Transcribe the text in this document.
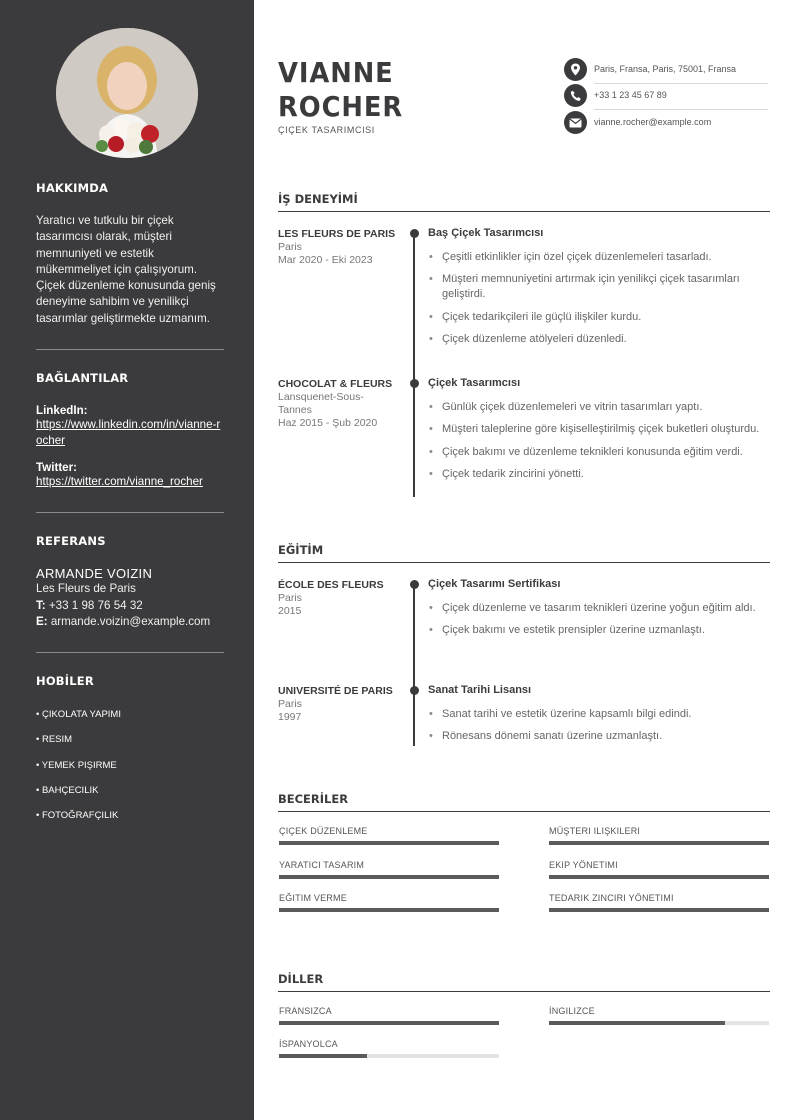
HAKKIMDA
Yaratıcı ve tutkulu bir çiçek tasarımcısı olarak, müşteri memnuniyeti ve estetik mükemmeliyet için çalışıyorum. Çiçek düzenleme konusunda geniş deneyime sahibim ve yenilikçi tasarımlar geliştirmekte uzmanım.
BAĞLANTILAR
LinkedIn:
https://www.linkedin.com/in/vianne-rocher
Twitter:
https://twitter.com/vianne_rocher
REFERANS
ARMANDE VOIZIN
Les Fleurs de Paris
T: +33 1 98 76 54 32
E: armande.voizin@example.com
HOBİLER
• ÇIKOLATA YAPIMI
• RESIM
• YEMEK PIŞIRME
• BAHÇECILIK
• FOTOĞRAFÇILIK
VIANNE
ROCHER
ÇIÇEK TASARIMCISI
Paris, Fransa, Paris, 75001, Fransa
+33 1 23 45 67 89
vianne.rocher@example.com
İŞ DENEYİMİ
LES FLEURS DE PARIS
Paris
Mar 2020 - Eki 2023
Baş Çiçek Tasarımcısı
• Çeşitli etkinlikler için özel çiçek düzenlemeleri tasarladı.
• Müşteri memnuniyetini artırmak için yenilikçi çiçek tasarımları geliştirdi.
• Çiçek tedarikçileri ile güçlü ilişkiler kurdu.
• Çiçek düzenleme atölyeleri düzenledi.
CHOCOLAT & FLEURS
Lansquenet-Sous-Tannes
Haz 2015 - Şub 2020
Çiçek Tasarımcısı
• Günlük çiçek düzenlemeleri ve vitrin tasarımları yaptı.
• Müşteri taleplerine göre kişiselleştirilmiş çiçek buketleri oluşturdu.
• Çiçek bakımı ve düzenleme teknikleri konusunda eğitim verdi.
• Çiçek tedarik zincirini yönetti.
EĞİTİM
ÉCOLE DES FLEURS
Paris
2015
Çiçek Tasarımı Sertifikası
• Çiçek düzenleme ve tasarım teknikleri üzerine yoğun eğitim aldı.
• Çiçek bakımı ve estetik prensipler üzerine uzmanlaştı.
UNIVERSITÉ DE PARIS
Paris
1997
Sanat Tarihi Lisansı
• Sanat tarihi ve estetik üzerine kapsamlı bilgi edindi.
• Rönesans dönemi sanatı üzerine uzmanlaştı.
BECERİLER
ÇIÇEK DÜZENLEME	MÜŞTERI ILIŞKILERI
YARATICI TASARIM	EKIP YÖNETIMI
EĞITIM VERME	TEDARIK ZINCIRI YÖNETIMI
DİLLER
FRANSIZCA	İNGILIZCE
İSPANYOLCA
